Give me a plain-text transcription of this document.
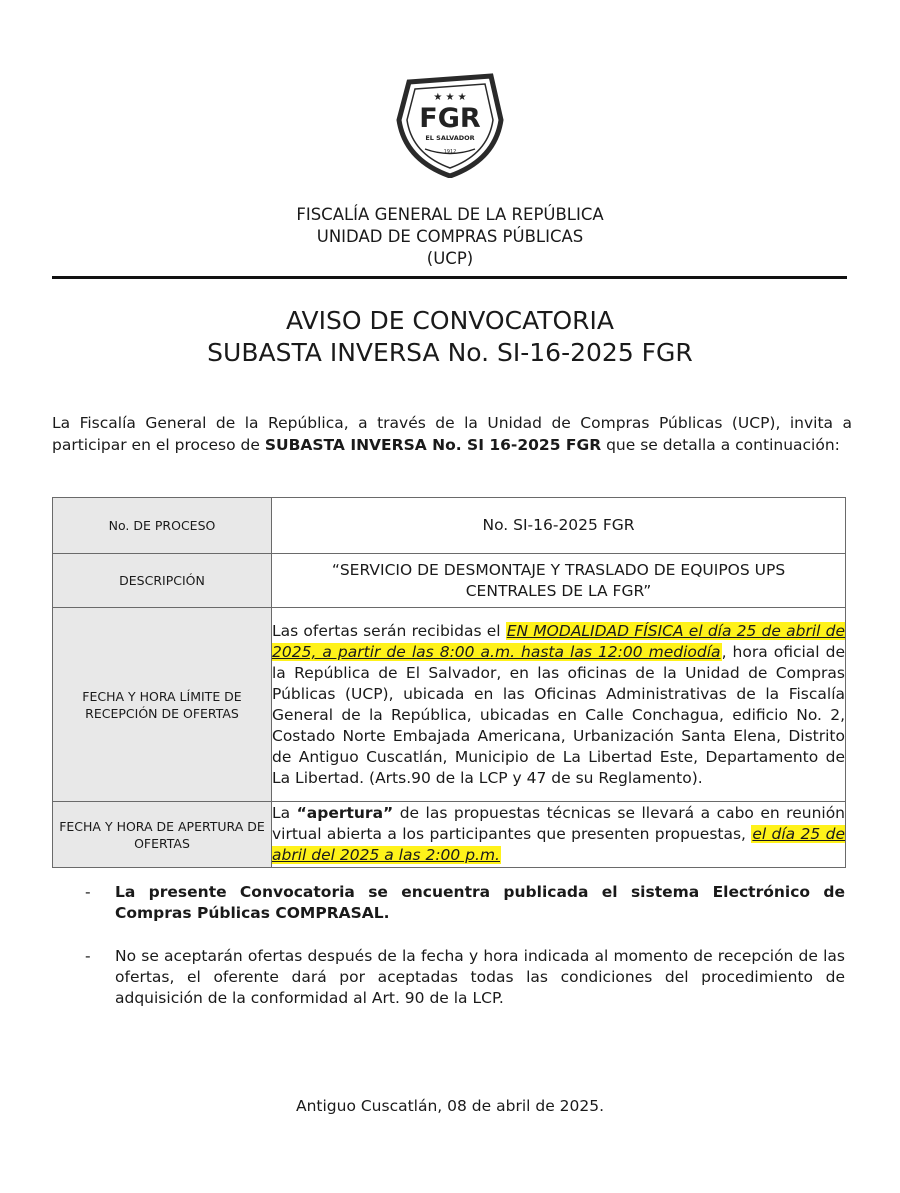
★ ★ ★
FGR
EL SALVADOR
1912
FISCALÍA GENERAL DE LA REPÚBLICA
UNIDAD DE COMPRAS PÚBLICAS
(UCP)
AVISO DE CONVOCATORIA
SUBASTA INVERSA No. SI-16-2025 FGR
La Fiscalía General de la República, a través de la Unidad de Compras Públicas (UCP), invita a participar en el proceso de SUBASTA INVERSA No. SI 16-2025 FGR que se detalla a continuación:
No. DE PROCESO	No. SI-16-2025 FGR
DESCRIPCIÓN	“SERVICIO DE DESMONTAJE Y TRASLADO DE EQUIPOS UPS CENTRALES DE LA FGR”
FECHA Y HORA LÍMITE DE RECEPCIÓN DE OFERTAS	Las ofertas serán recibidas el EN MODALIDAD FÍSICA el día 25 de abril de 2025, a partir de las 8:00 a.m. hasta las 12:00 mediodía, hora oficial de la República de El Salvador, en las oficinas de la Unidad de Compras Públicas (UCP), ubicada en las Oficinas Administrativas de la Fiscalía General de la República, ubicadas en Calle Conchagua, edificio No. 2, Costado Norte Embajada Americana, Urbanización Santa Elena, Distrito de Antiguo Cuscatlán, Municipio de La Libertad Este, Departamento de La Libertad. (Arts.90 de la LCP y 47 de su Reglamento).
FECHA Y HORA DE APERTURA DE OFERTAS	La “apertura” de las propuestas técnicas se llevará a cabo en reunión virtual abierta a los participantes que presenten propuestas, el día 25 de abril del 2025 a las 2:00 p.m.
-	La presente Convocatoria se encuentra publicada el sistema Electrónico de Compras Públicas COMPRASAL.
-	No se aceptarán ofertas después de la fecha y hora indicada al momento de recepción de las ofertas, el oferente dará por aceptadas todas las condiciones del procedimiento de adquisición de la conformidad al Art. 90 de la LCP.
Antiguo Cuscatlán, 08 de abril de 2025.
